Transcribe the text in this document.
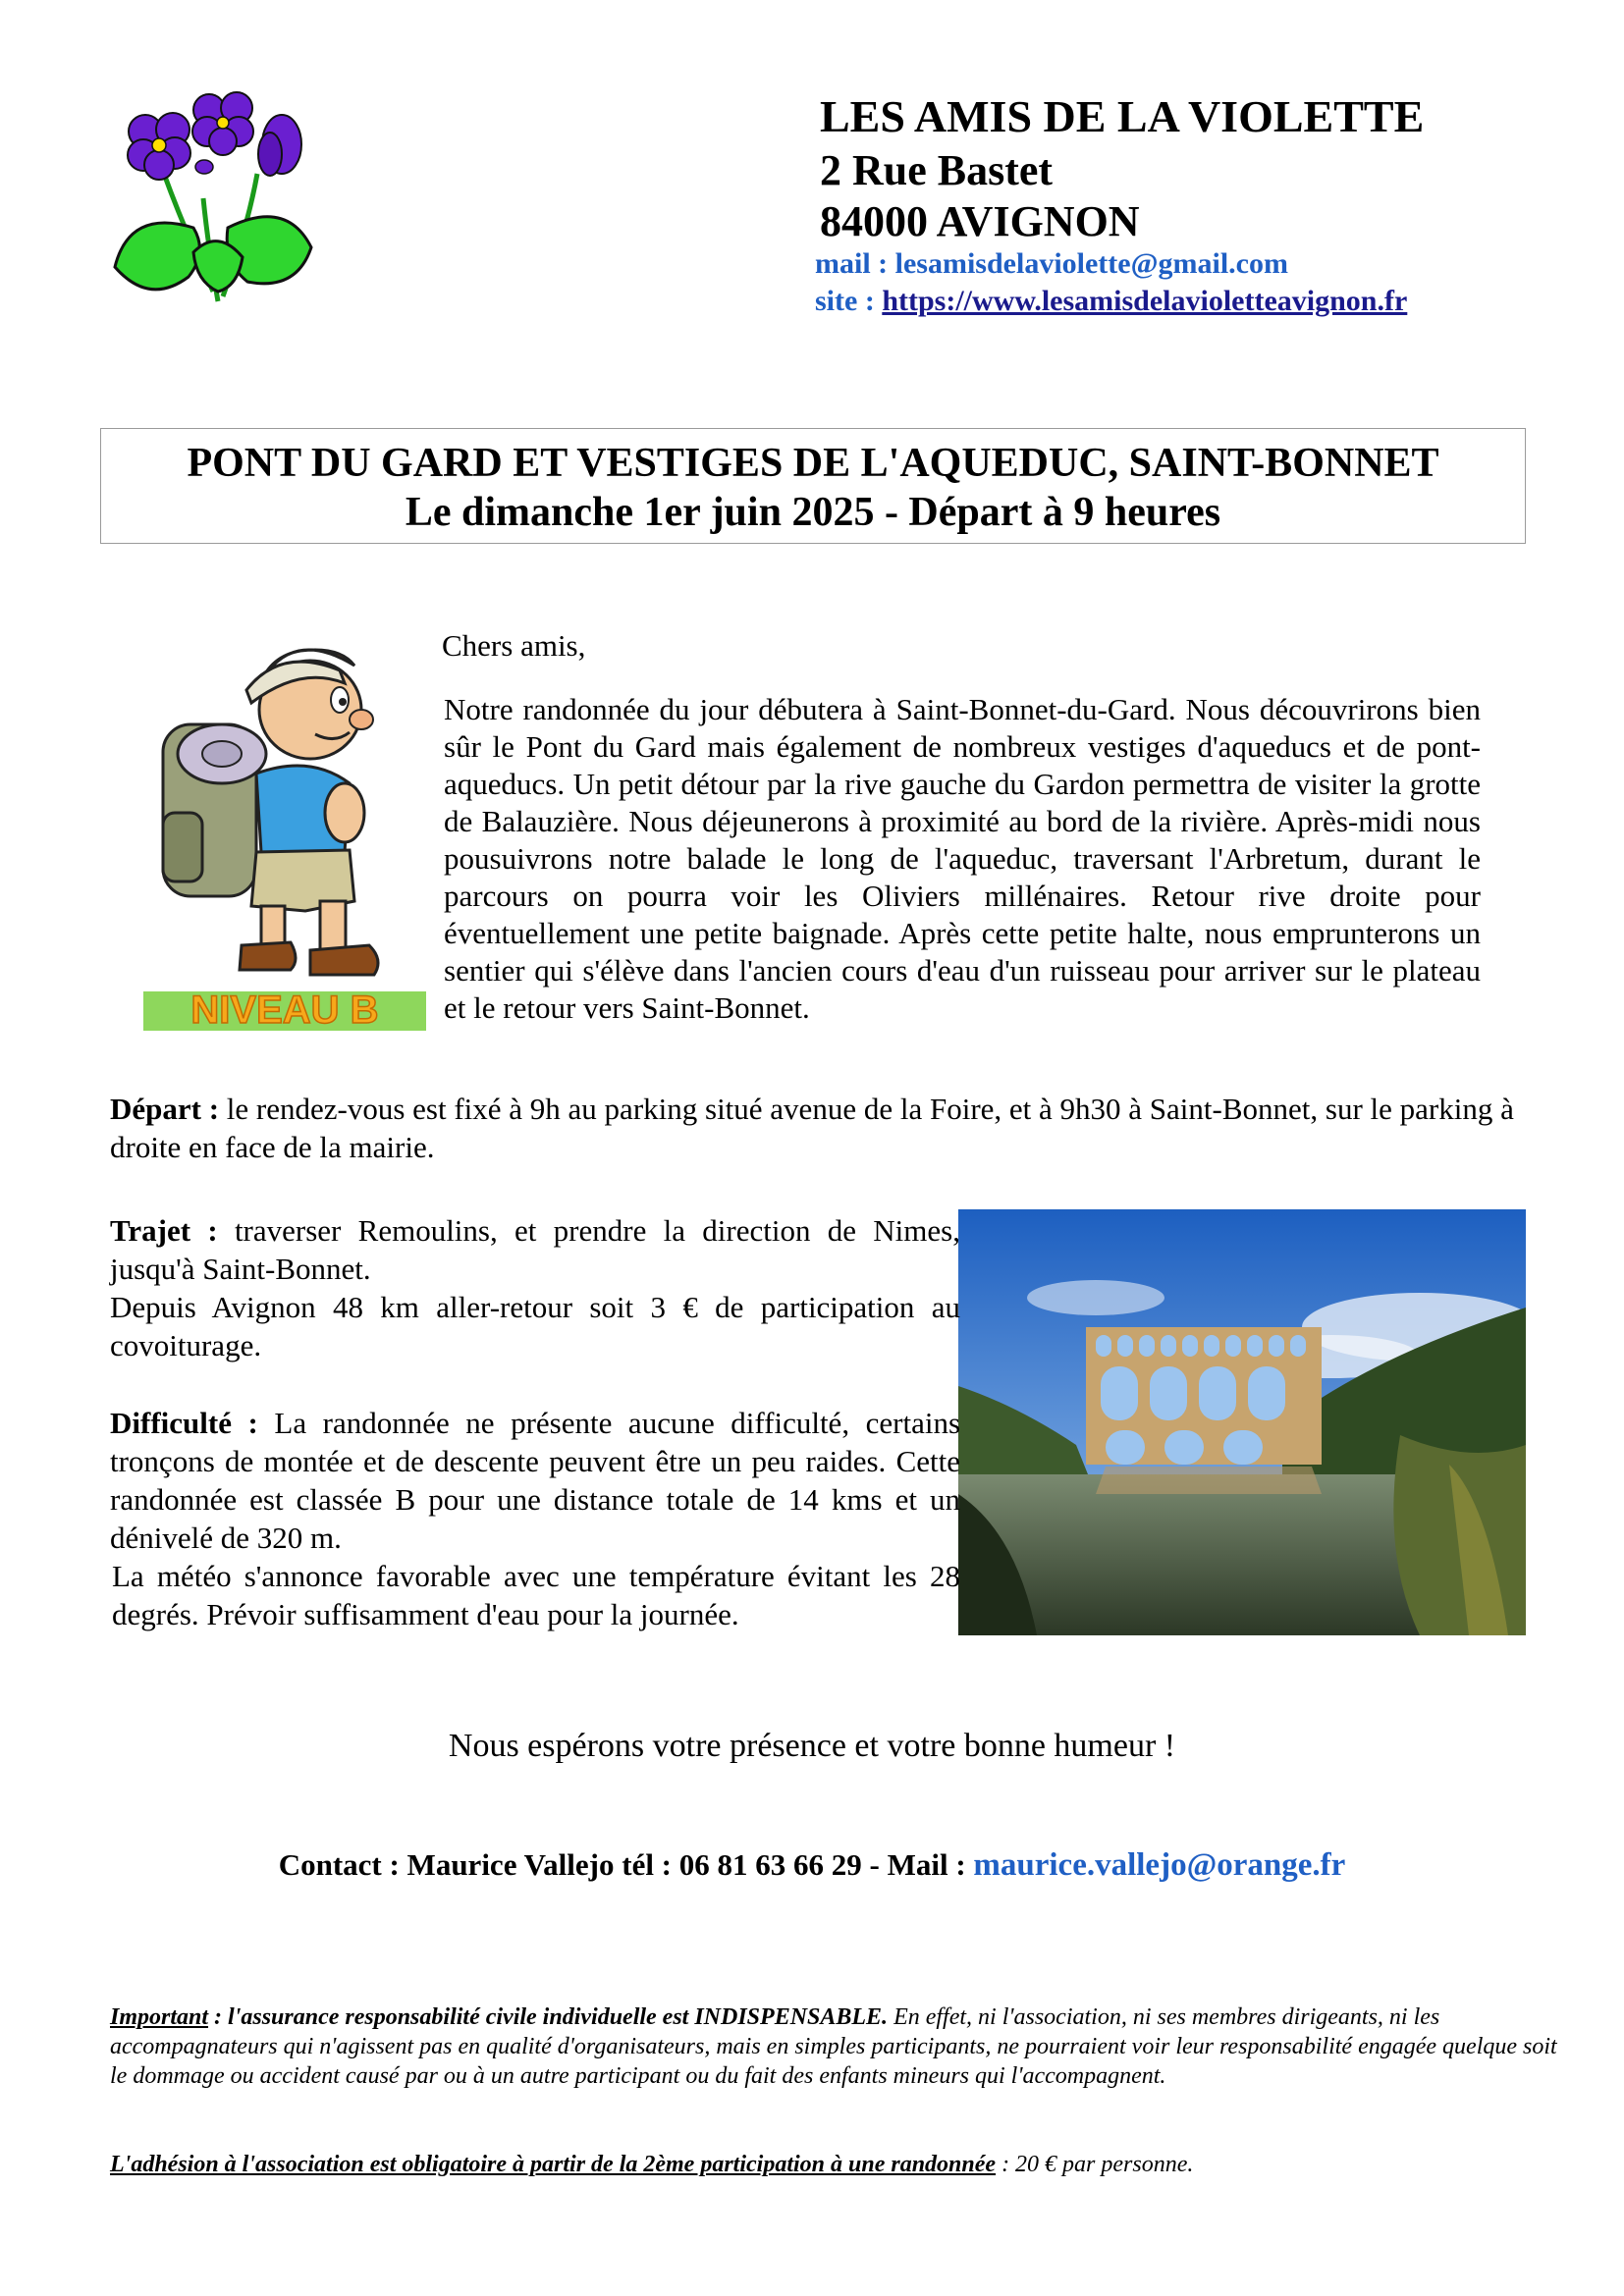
LES AMIS DE LA VIOLETTE
2 Rue Bastet
84000 AVIGNON
mail : lesamisdelaviolette@gmail.com
site : https://www.lesamisdelavioletteavignon.fr
PONT DU GARD ET VESTIGES DE L'AQUEDUC, SAINT-BONNET
Le dimanche 1er juin 2025 - Départ à 9 heures
NIVEAU B
Chers amis,

Notre randonnée du jour débutera à Saint-Bonnet-du-Gard. Nous découvrirons bien sûr le Pont du Gard mais également de nombreux vestiges d'aqueducs et de pont-aqueducs. Un petit détour par la rive gauche du Gardon permettra de visiter la grotte de Balauzière. Nous déjeunerons à proximité au bord de la rivière. Après-midi nous pousuivrons notre balade le long de l'aqueduc, traversant l'Arbretum, durant le parcours on pourra voir les Oliviers millénaires. Retour rive droite pour éventuellement une petite baignade. Après cette petite halte, nous emprunterons un sentier qui s'élève dans l'ancien cours d'eau d'un ruisseau pour arriver sur le plateau et le retour vers Saint-Bonnet.

Départ : le rendez-vous est fixé à 9h au parking situé avenue de la Foire, et à 9h30 à Saint-Bonnet, sur le parking à droite en face de la mairie.

Trajet : traverser Remoulins, et prendre la direction de Nimes, jusqu'à Saint-Bonnet.
Depuis Avignon 48 km aller-retour soit 3 € de participation au covoiturage.

Difficulté : La randonnée ne présente aucune difficulté, certains tronçons de montée et de descente peuvent être un peu raides. Cette randonnée est classée B pour une distance totale de 14 kms et un dénivelé de 320 m.

La météo s'annonce favorable avec une température évitant les 28 degrés. Prévoir suffisamment d'eau pour la journée.

Nous espérons votre présence et votre bonne humeur !
Contact : Maurice Vallejo tél : 06 81 63 66 29 - Mail : maurice.vallejo@orange.fr

Important : l'assurance responsabilité civile individuelle est INDISPENSABLE. En effet, ni l'association, ni ses membres dirigeants, ni les accompagnateurs qui n'agissent pas en qualité d'organisateurs, mais en simples participants, ne pourraient voir leur responsabilité engagée quelque soit le dommage ou accident causé par ou à un autre participant ou du fait des enfants mineurs qui l'accompagnent.

L'adhésion à l'association est obligatoire à partir de la 2ème participation à une randonnée : 20 € par personne.
